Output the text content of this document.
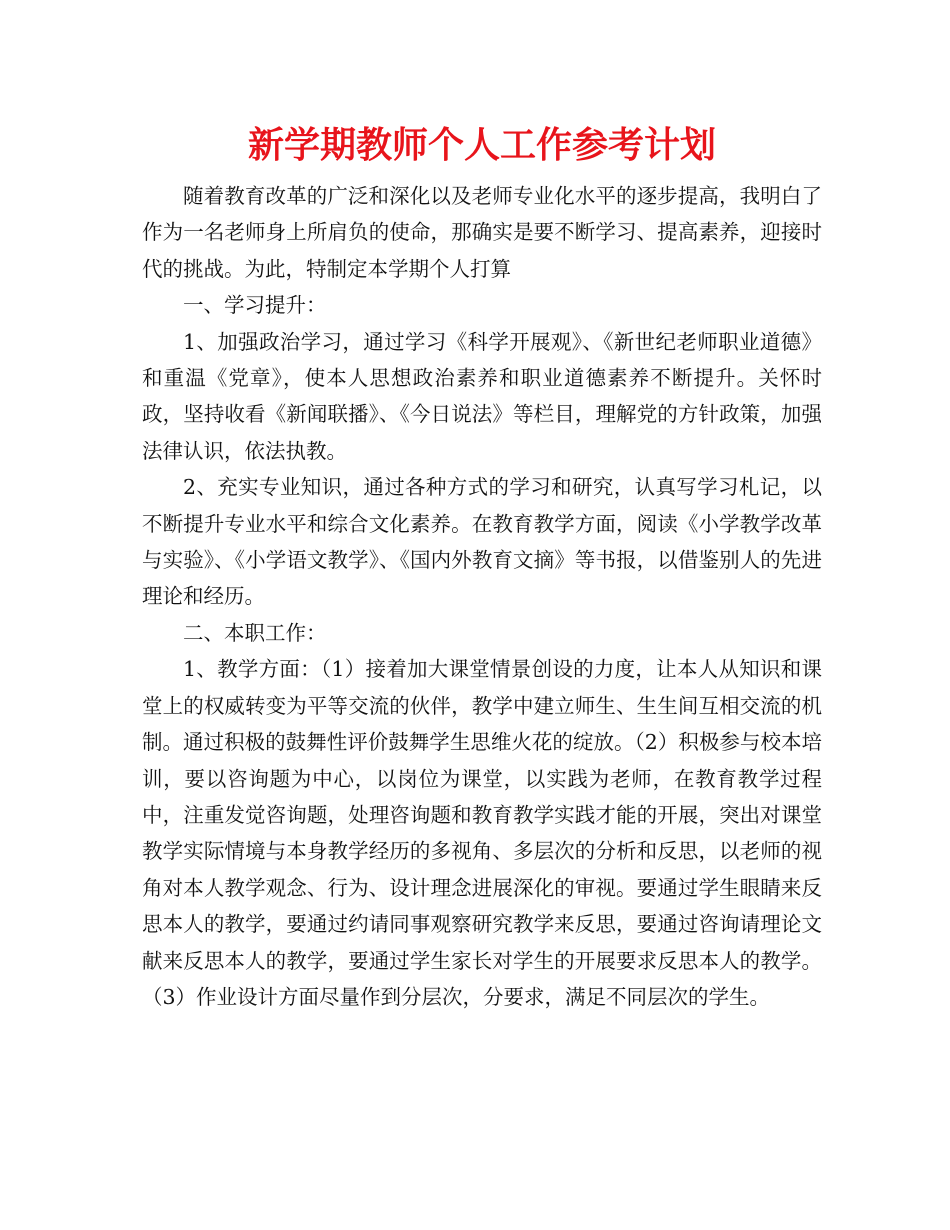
新学期教师个人工作参考计划

随着教育改革的广泛和深化以及老师专业化水平的逐步提高，我明白了作为一名老师身上所肩负的使命，那确实是要不断学习、提高素养，迎接时代的挑战。为此，特制定本学期个人打算

一、学习提升：

1、加强政治学习，通过学习《科学开展观》、《新世纪老师职业道德》和重温《党章》，使本人思想政治素养和职业道德素养不断提升。关怀时政，坚持收看《新闻联播》、《今日说法》等栏目，理解党的方针政策，加强法律认识，依法执教。

2、充实专业知识，通过各种方式的学习和研究，认真写学习札记，以不断提升专业水平和综合文化素养。在教育教学方面，阅读《小学教学改革与实验》、《小学语文教学》、《国内外教育文摘》等书报，以借鉴别人的先进理论和经历。

二、本职工作：

1、教学方面：（1）接着加大课堂情景创设的力度，让本人从知识和课堂上的权威转变为平等交流的伙伴，教学中建立师生、生生间互相交流的机制。通过积极的鼓舞性评价鼓舞学生思维火花的绽放。（2）积极参与校本培训，要以咨询题为中心，以岗位为课堂，以实践为老师，在教育教学过程中，注重发觉咨询题，处理咨询题和教育教学实践才能的开展，突出对课堂教学实际情境与本身教学经历的多视角、多层次的分析和反思，以老师的视角对本人教学观念、行为、设计理念进展深化的审视。要通过学生眼睛来反思本人的教学，要通过约请同事观察研究教学来反思，要通过咨询请理论文献来反思本人的教学，要通过学生家长对学生的开展要求反思本人的教学。（3）作业设计方面尽量作到分层次，分要求，满足不同层次的学生。
